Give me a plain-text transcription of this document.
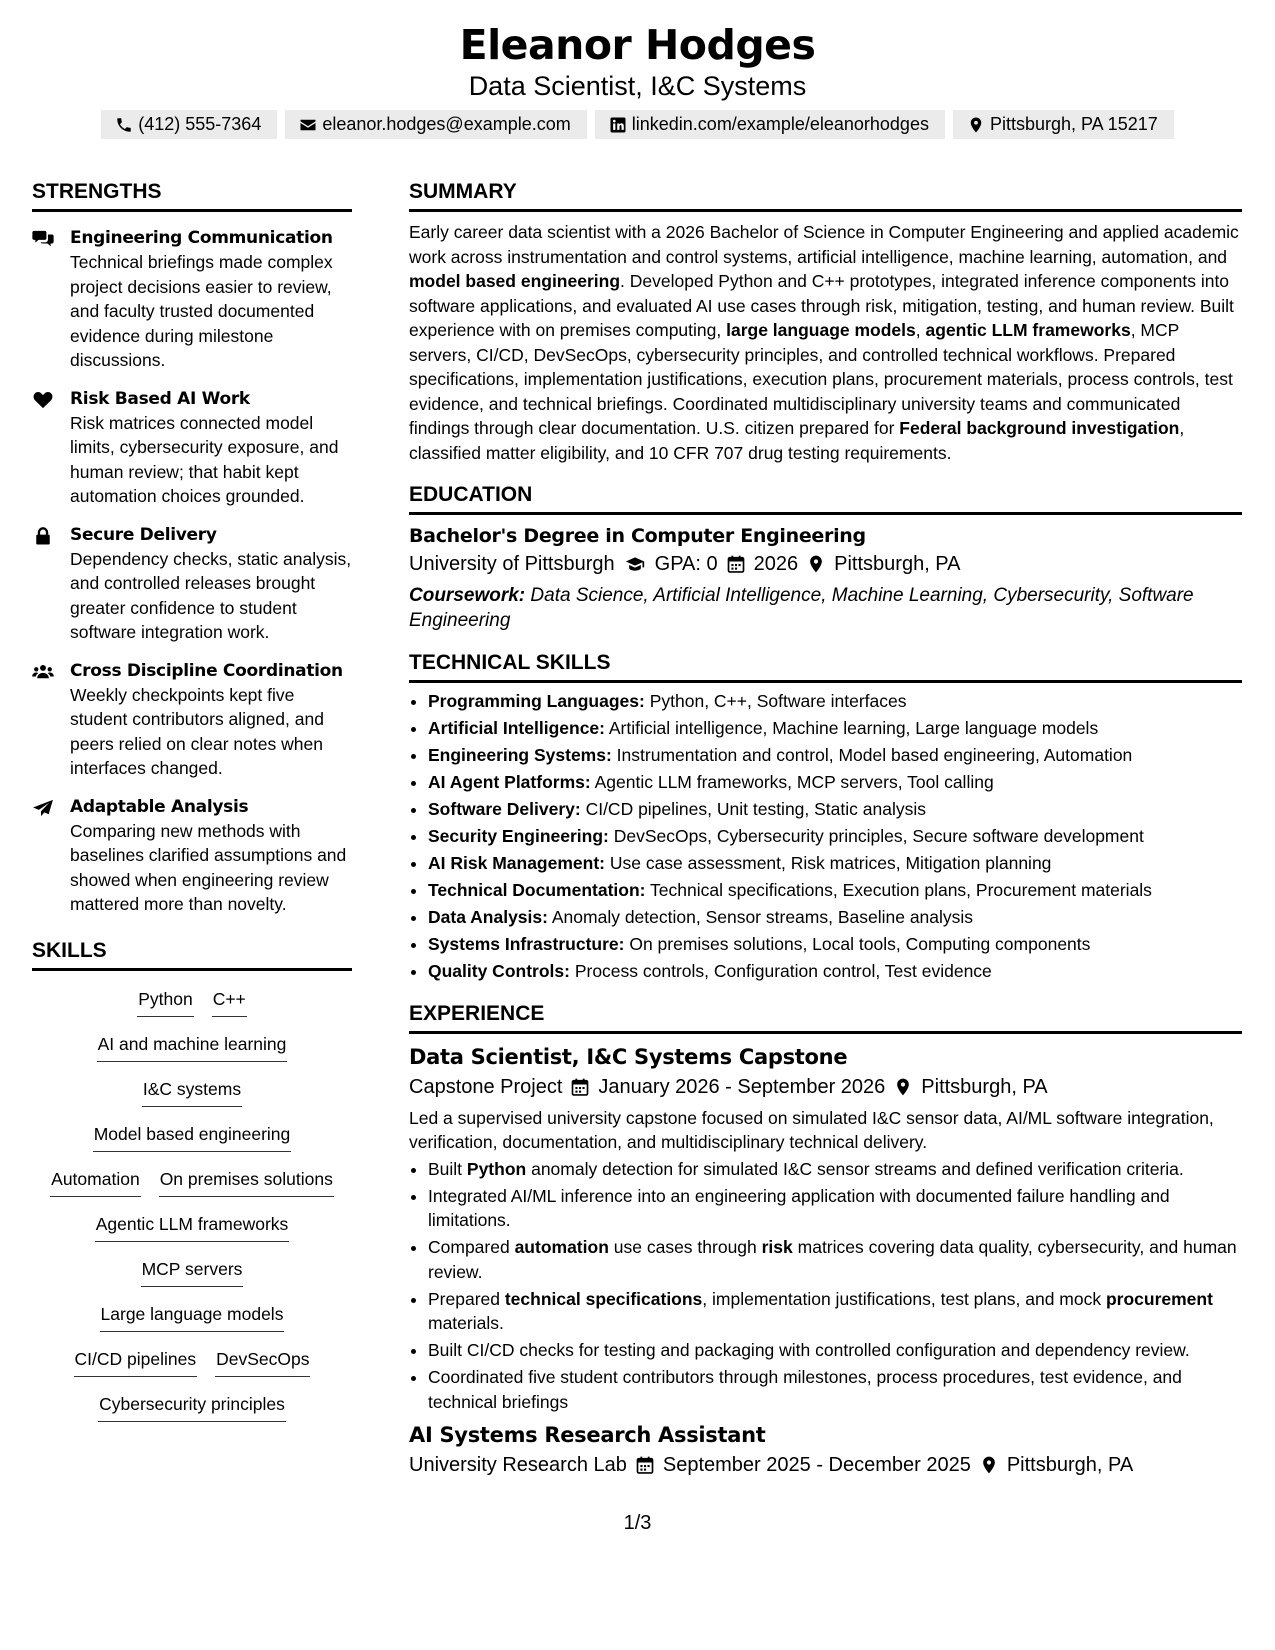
Eleanor Hodges
Data Scientist, I&C Systems
(412) 555-7364	eleanor.hodges@example.com	linkedin.com/example/eleanorhodges	Pittsburgh, PA 15217
STRENGTHS
Engineering Communication
Technical briefings made complex project decisions easier to review, and faculty trusted documented evidence during milestone discussions.
Risk Based AI Work
Risk matrices connected model limits, cybersecurity exposure, and human review; that habit kept automation choices grounded.
Secure Delivery
Dependency checks, static analysis, and controlled releases brought greater confidence to student software integration work.
Cross Discipline Coordination
Weekly checkpoints kept five student contributors aligned, and peers relied on clear notes when interfaces changed.
Adaptable Analysis
Comparing new methods with baselines clarified assumptions and showed when engineering review mattered more than novelty.
SKILLS
Python C++
AI and machine learning
I&C systems
Model based engineering
Automation On premises solutions
Agentic LLM frameworks
MCP servers
Large language models
CI/CD pipelines DevSecOps
Cybersecurity principles
SUMMARY
Early career data scientist with a 2026 Bachelor of Science in Computer Engineering and applied academic work across instrumentation and control systems, artificial intelligence, machine learning, automation, and model based engineering. Developed Python and C++ prototypes, integrated inference components into software applications, and evaluated AI use cases through risk, mitigation, testing, and human review. Built experience with on premises computing, large language models, agentic LLM frameworks, MCP servers, CI/CD, DevSecOps, cybersecurity principles, and controlled technical workflows. Prepared specifications, implementation justifications, execution plans, procurement materials, process controls, test evidence, and technical briefings. Coordinated multidisciplinary university teams and communicated findings through clear documentation. U.S. citizen prepared for Federal background investigation, classified matter eligibility, and 10 CFR 707 drug testing requirements.
EDUCATION
Bachelor's Degree in Computer Engineering
University of Pittsburgh GPA: 0 2026 Pittsburgh, PA
Coursework: Data Science, Artificial Intelligence, Machine Learning, Cybersecurity, Software Engineering
TECHNICAL SKILLS
• Programming Languages: Python, C++, Software interfaces
• Artificial Intelligence: Artificial intelligence, Machine learning, Large language models
• Engineering Systems: Instrumentation and control, Model based engineering, Automation
• AI Agent Platforms: Agentic LLM frameworks, MCP servers, Tool calling
• Software Delivery: CI/CD pipelines, Unit testing, Static analysis
• Security Engineering: DevSecOps, Cybersecurity principles, Secure software development
• AI Risk Management: Use case assessment, Risk matrices, Mitigation planning
• Technical Documentation: Technical specifications, Execution plans, Procurement materials
• Data Analysis: Anomaly detection, Sensor streams, Baseline analysis
• Systems Infrastructure: On premises solutions, Local tools, Computing components
• Quality Controls: Process controls, Configuration control, Test evidence
EXPERIENCE
Data Scientist, I&C Systems Capstone
Capstone Project January 2026 - September 2026 Pittsburgh, PA
Led a supervised university capstone focused on simulated I&C sensor data, AI/ML software integration, verification, documentation, and multidisciplinary technical delivery.
• Built Python anomaly detection for simulated I&C sensor streams and defined verification criteria.
• Integrated AI/ML inference into an engineering application with documented failure handling and limitations.
• Compared automation use cases through risk matrices covering data quality, cybersecurity, and human review.
• Prepared technical specifications, implementation justifications, test plans, and mock procurement materials.
• Built CI/CD checks for testing and packaging with controlled configuration and dependency review.
• Coordinated five student contributors through milestones, process procedures, test evidence, and technical briefings
AI Systems Research Assistant
University Research Lab September 2025 - December 2025 Pittsburgh, PA
1/3
